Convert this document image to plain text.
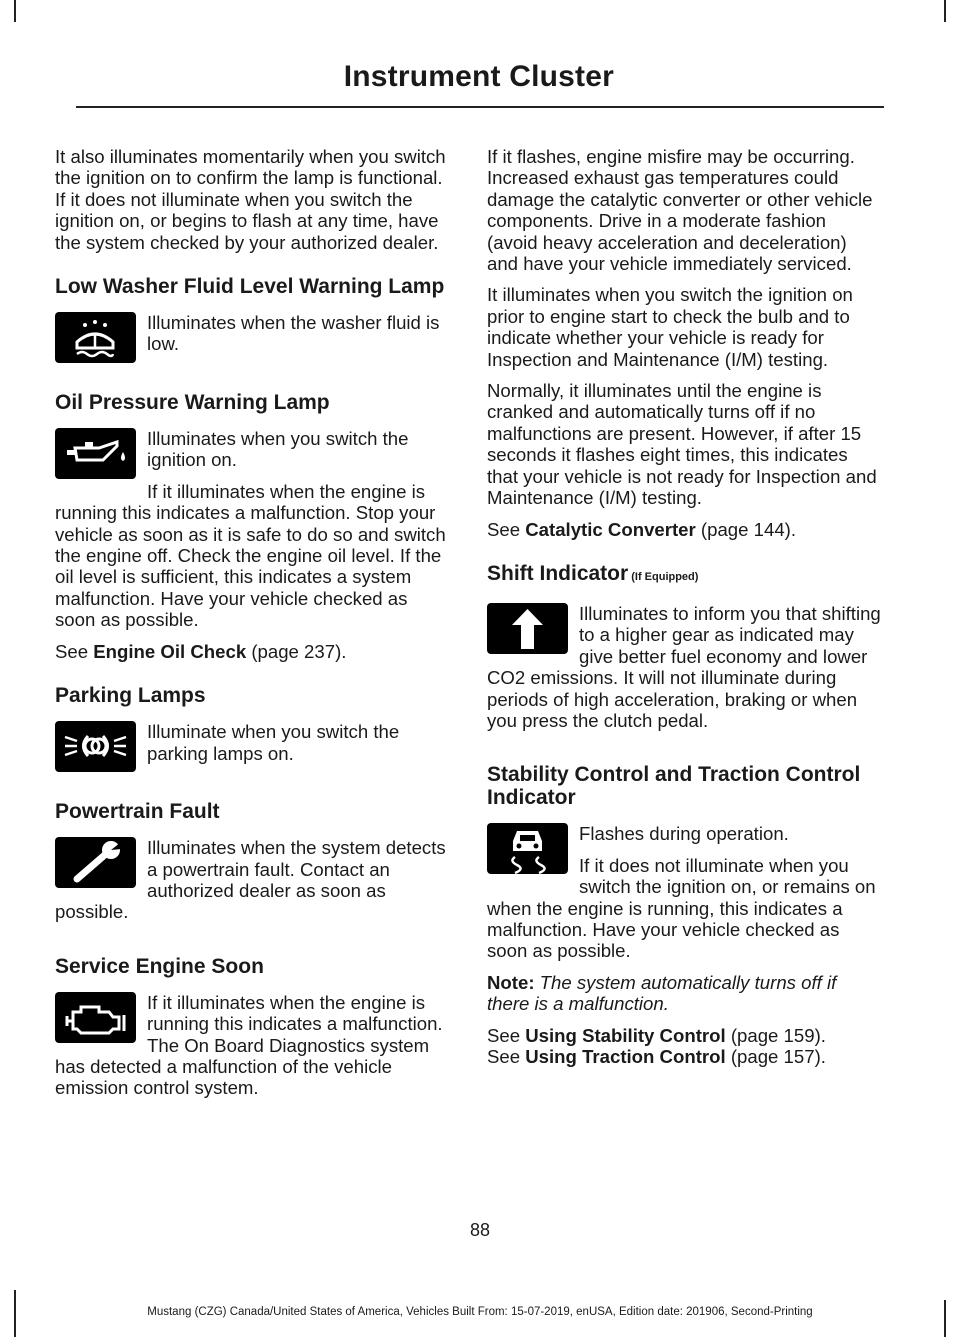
Instrument Cluster

It also illuminates momentarily when you switch the ignition on to confirm the lamp is functional. If it does not illuminate when you switch the ignition on, or begins to flash at any time, have the system checked by your authorized dealer.

Low Washer Fluid Level Warning Lamp

Illuminates when the washer fluid is low.

Oil Pressure Warning Lamp

Illuminates when you switch the ignition on.

If it illuminates when the engine is running this indicates a malfunction. Stop your vehicle as soon as it is safe to do so and switch the engine off. Check the engine oil level. If the oil level is sufficient, this indicates a system malfunction. Have your vehicle checked as soon as possible.

See Engine Oil Check (page 237).

Parking Lamps

Illuminate when you switch the parking lamps on.

Powertrain Fault

Illuminates when the system detects a powertrain fault. Contact an authorized dealer as soon as possible.

Service Engine Soon

If it illuminates when the engine is running this indicates a malfunction. The On Board Diagnostics system has detected a malfunction of the vehicle emission control system.

If it flashes, engine misfire may be occurring. Increased exhaust gas temperatures could damage the catalytic converter or other vehicle components. Drive in a moderate fashion (avoid heavy acceleration and deceleration) and have your vehicle immediately serviced.

It illuminates when you switch the ignition on prior to engine start to check the bulb and to indicate whether your vehicle is ready for Inspection and Maintenance (I/M) testing.

Normally, it illuminates until the engine is cranked and automatically turns off if no malfunctions are present. However, if after 15 seconds it flashes eight times, this indicates that your vehicle is not ready for Inspection and Maintenance (I/M) testing.

See Catalytic Converter (page 144).

Shift Indicator (If Equipped)

Illuminates to inform you that shifting to a higher gear as indicated may give better fuel economy and lower CO2 emissions. It will not illuminate during periods of high acceleration, braking or when you press the clutch pedal.

Stability Control and Traction Control Indicator

Flashes during operation.

If it does not illuminate when you switch the ignition on, or remains on when the engine is running, this indicates a malfunction. Have your vehicle checked as soon as possible.

Note: The system automatically turns off if there is a malfunction.

See Using Stability Control (page 159).
See Using Traction Control (page 157).

88

Mustang (CZG) Canada/United States of America, Vehicles Built From: 15-07-2019, enUSA, Edition date: 201906, Second-Printing
